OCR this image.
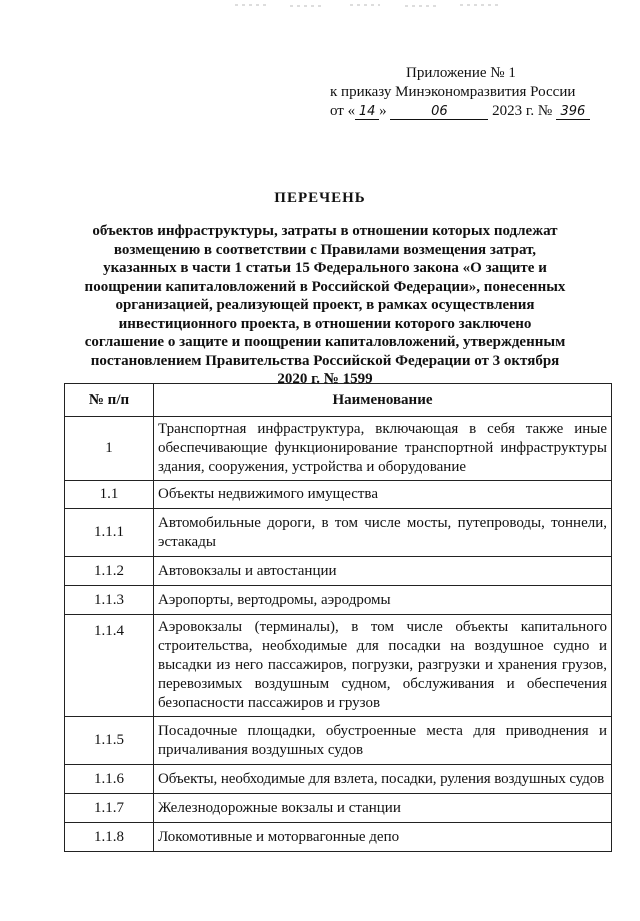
Приложение № 1
к приказу Минэкономразвития России
от « 14 »	06	2023 г. № 396
ПЕРЕЧЕНЬ
объектов инфраструктуры, затраты в отношении которых подлежат возмещению в соответствии с Правилами возмещения затрат, указанных в части 1 статьи 15 Федерального закона «О защите и поощрении капиталовложений в Российской Федерации», понесенных организацией, реализующей проект, в рамках осуществления инвестиционного проекта, в отношении которого заключено соглашение о защите и поощрении капиталовложений, утвержденным постановлением Правительства Российской Федерации от 3 октября 2020 г. № 1599
№ п/п	Наименование
1	Транспортная инфраструктура, включающая в себя также иные обеспечивающие функционирование транспортной инфраструктуры здания, сооружения, устройства и оборудование
1.1	Объекты недвижимого имущества
1.1.1	Автомобильные дороги, в том числе мосты, путепроводы, тоннели, эстакады
1.1.2	Автовокзалы и автостанции
1.1.3	Аэропорты, вертодромы, аэродромы
1.1.4	Аэровокзалы (терминалы), в том числе объекты капитального строительства, необходимые для посадки на воздушное судно и высадки из него пассажиров, погрузки, разгрузки и хранения грузов, перевозимых воздушным судном, обслуживания и обеспечения безопасности пассажиров и грузов
1.1.5	Посадочные площадки, обустроенные места для приводнения и причаливания воздушных судов
1.1.6	Объекты, необходимые для взлета, посадки, руления воздушных судов
1.1.7	Железнодорожные вокзалы и станции
1.1.8	Локомотивные и моторвагонные депо
